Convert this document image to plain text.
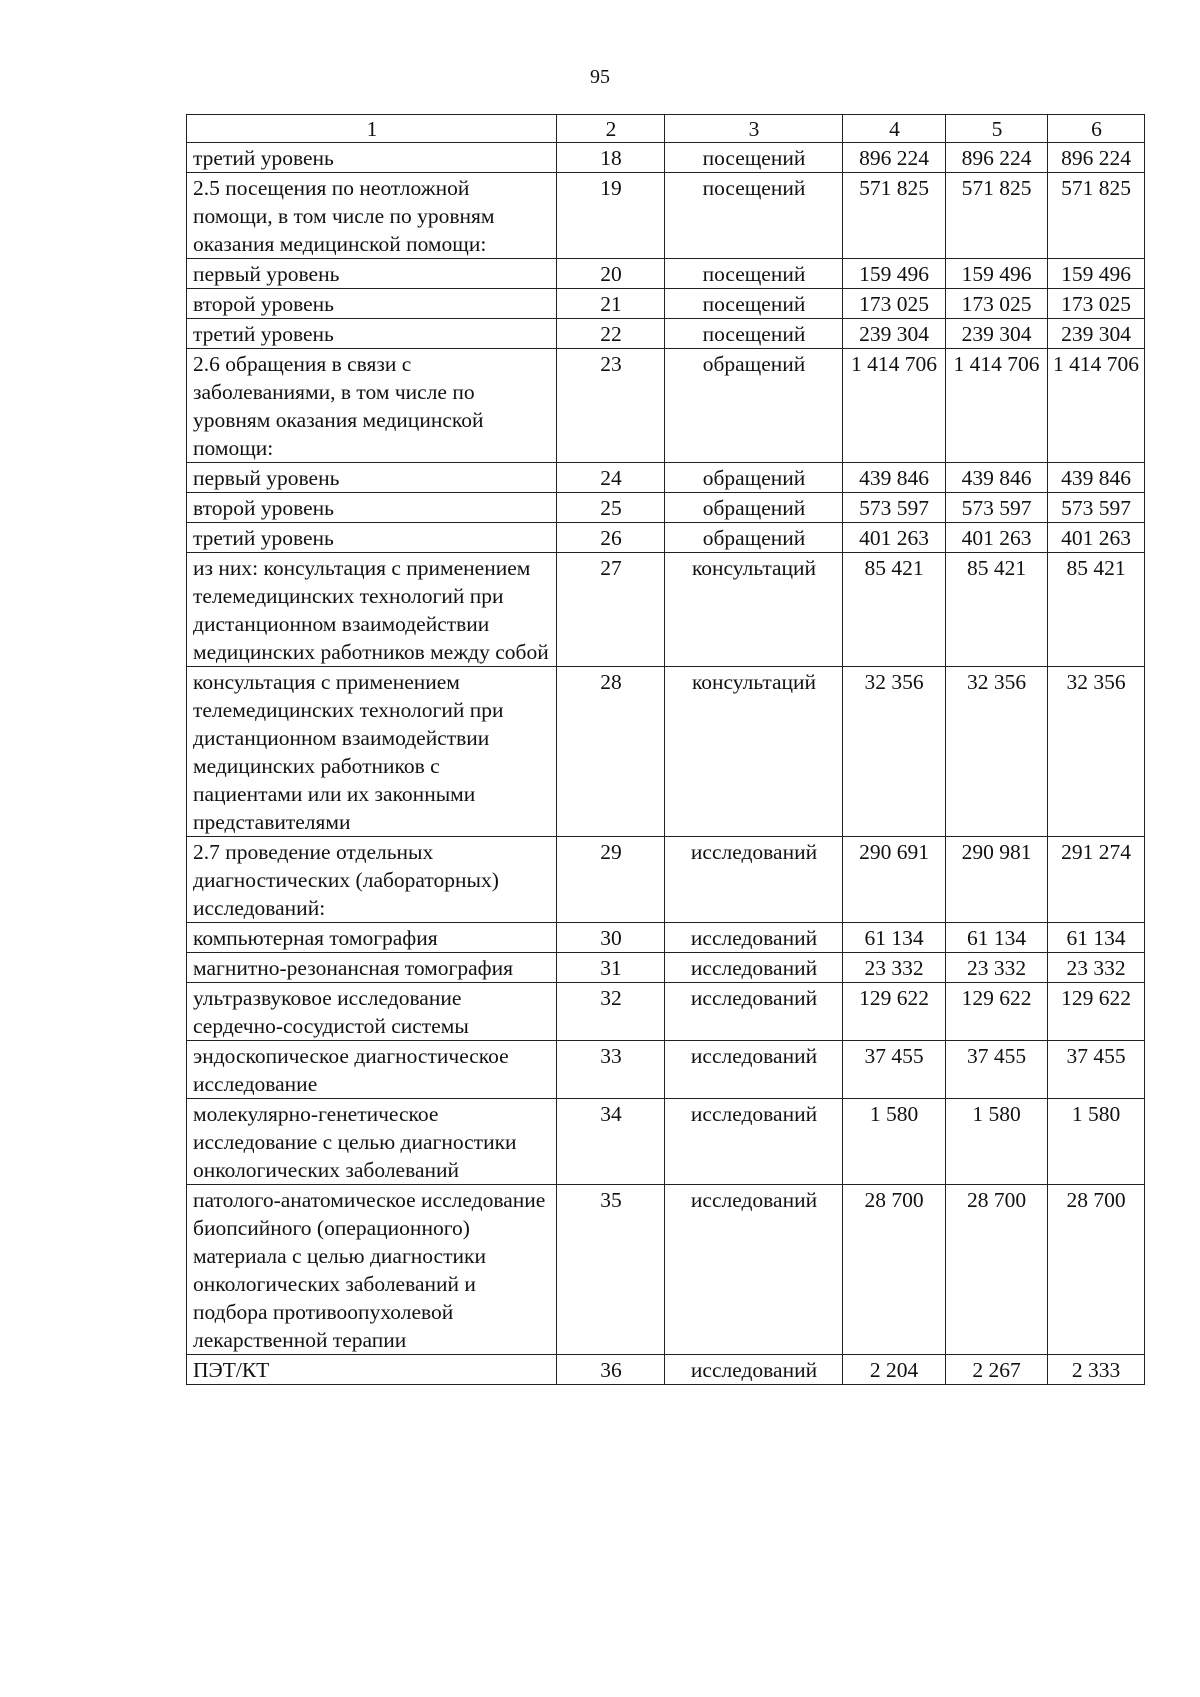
95
1	2	3	4	5	6
третий уровень	18	посещений	896 224	896 224	896 224
2.5 посещения по неотложной помощи, в том числе по уровням оказания медицинской помощи:	19	посещений	571 825	571 825	571 825
первый уровень	20	посещений	159 496	159 496	159 496
второй уровень	21	посещений	173 025	173 025	173 025
третий уровень	22	посещений	239 304	239 304	239 304
2.6 обращения в связи с заболеваниями, в том числе по уровням оказания медицинской помощи:	23	обращений	1 414 706	1 414 706	1 414 706
первый уровень	24	обращений	439 846	439 846	439 846
второй уровень	25	обращений	573 597	573 597	573 597
третий уровень	26	обращений	401 263	401 263	401 263
из них: консультация с применением телемедицинских технологий при дистанционном взаимодействии медицинских работников между собой	27	консультаций	85 421	85 421	85 421
консультация с применением телемедицинских технологий при дистанционном взаимодействии медицинских работников с пациентами или их законными представителями	28	консультаций	32 356	32 356	32 356
2.7 проведение отдельных диагностических (лабораторных) исследований:	29	исследований	290 691	290 981	291 274
компьютерная томография	30	исследований	61 134	61 134	61 134
магнитно-резонансная томография	31	исследований	23 332	23 332	23 332
ультразвуковое исследование сердечно-сосудистой системы	32	исследований	129 622	129 622	129 622
эндоскопическое диагностическое исследование	33	исследований	37 455	37 455	37 455
молекулярно-генетическое исследование с целью диагностики онкологических заболеваний	34	исследований	1 580	1 580	1 580
патолого-анатомическое исследование биопсийного (операционного) материала с целью диагностики онкологических заболеваний и подбора противоопухолевой лекарственной терапии	35	исследований	28 700	28 700	28 700
ПЭТ/КТ	36	исследований	2 204	2 267	2 333
